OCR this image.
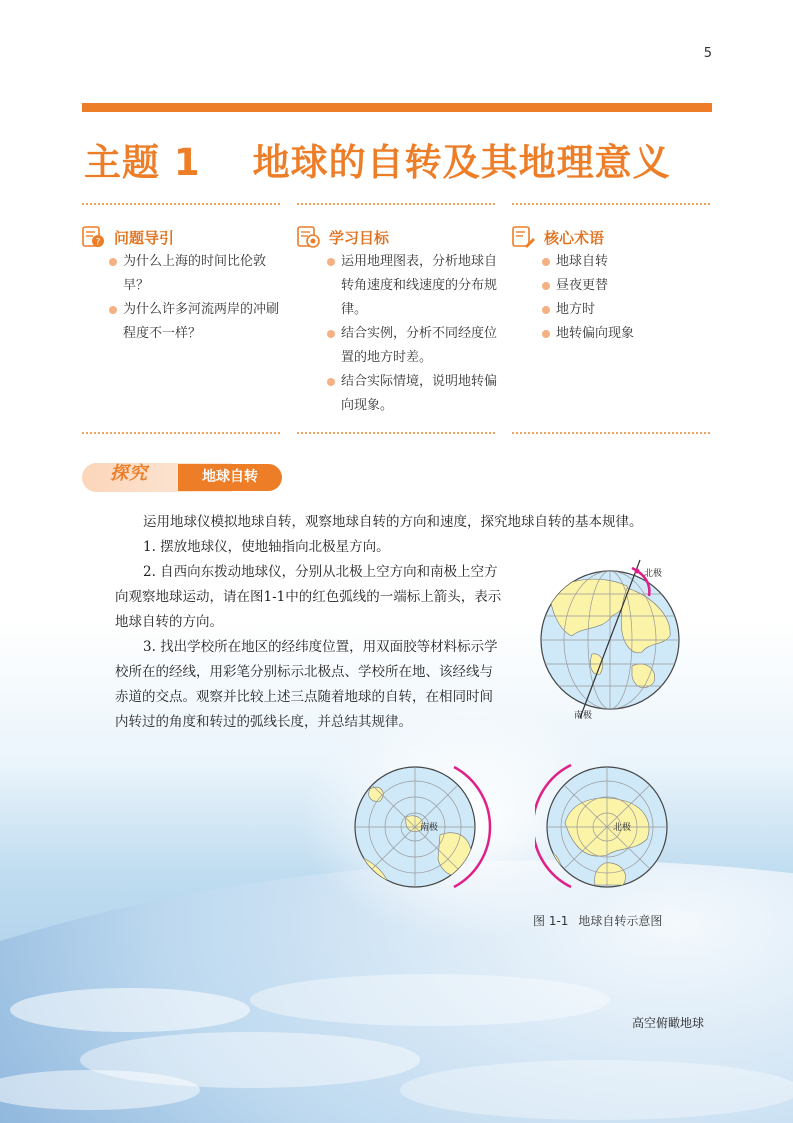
5
主题 1 地球的自转及其地理意义
? 问题导引
为什么上海的时间比伦敦早？
为什么许多河流两岸的冲刷程度不一样？
学习目标
运用地理图表，分析地球自转角速度和线速度的分布规律。
结合实例，分析不同经度位置的地方时差。
结合实际情境，说明地转偏向现象。
核心术语
地球自转
昼夜更替
地方时
地转偏向现象
探究	地球自转
运用地球仪模拟地球自转，观察地球自转的方向和速度，探究地球自转的基本规律。
1. 摆放地球仪，使地轴指向北极星方向。
2. 自西向东拨动地球仪，分别从北极上空方向和南极上空方向观察地球运动，请在图1-1中的红色弧线的一端标上箭头，表示地球自转的方向。
3. 找出学校所在地区的经纬度位置，用双面胶等材料标示学校所在的经线，用彩笔分别标示北极点、学校所在地、该经线与赤道的交点。观察并比较上述三点随着地球的自转，在相同时间内转过的角度和转过的弧线长度，并总结其规律。
北极
南极
南极	北极
图 1-1 地球自转示意图
高空俯瞰地球
